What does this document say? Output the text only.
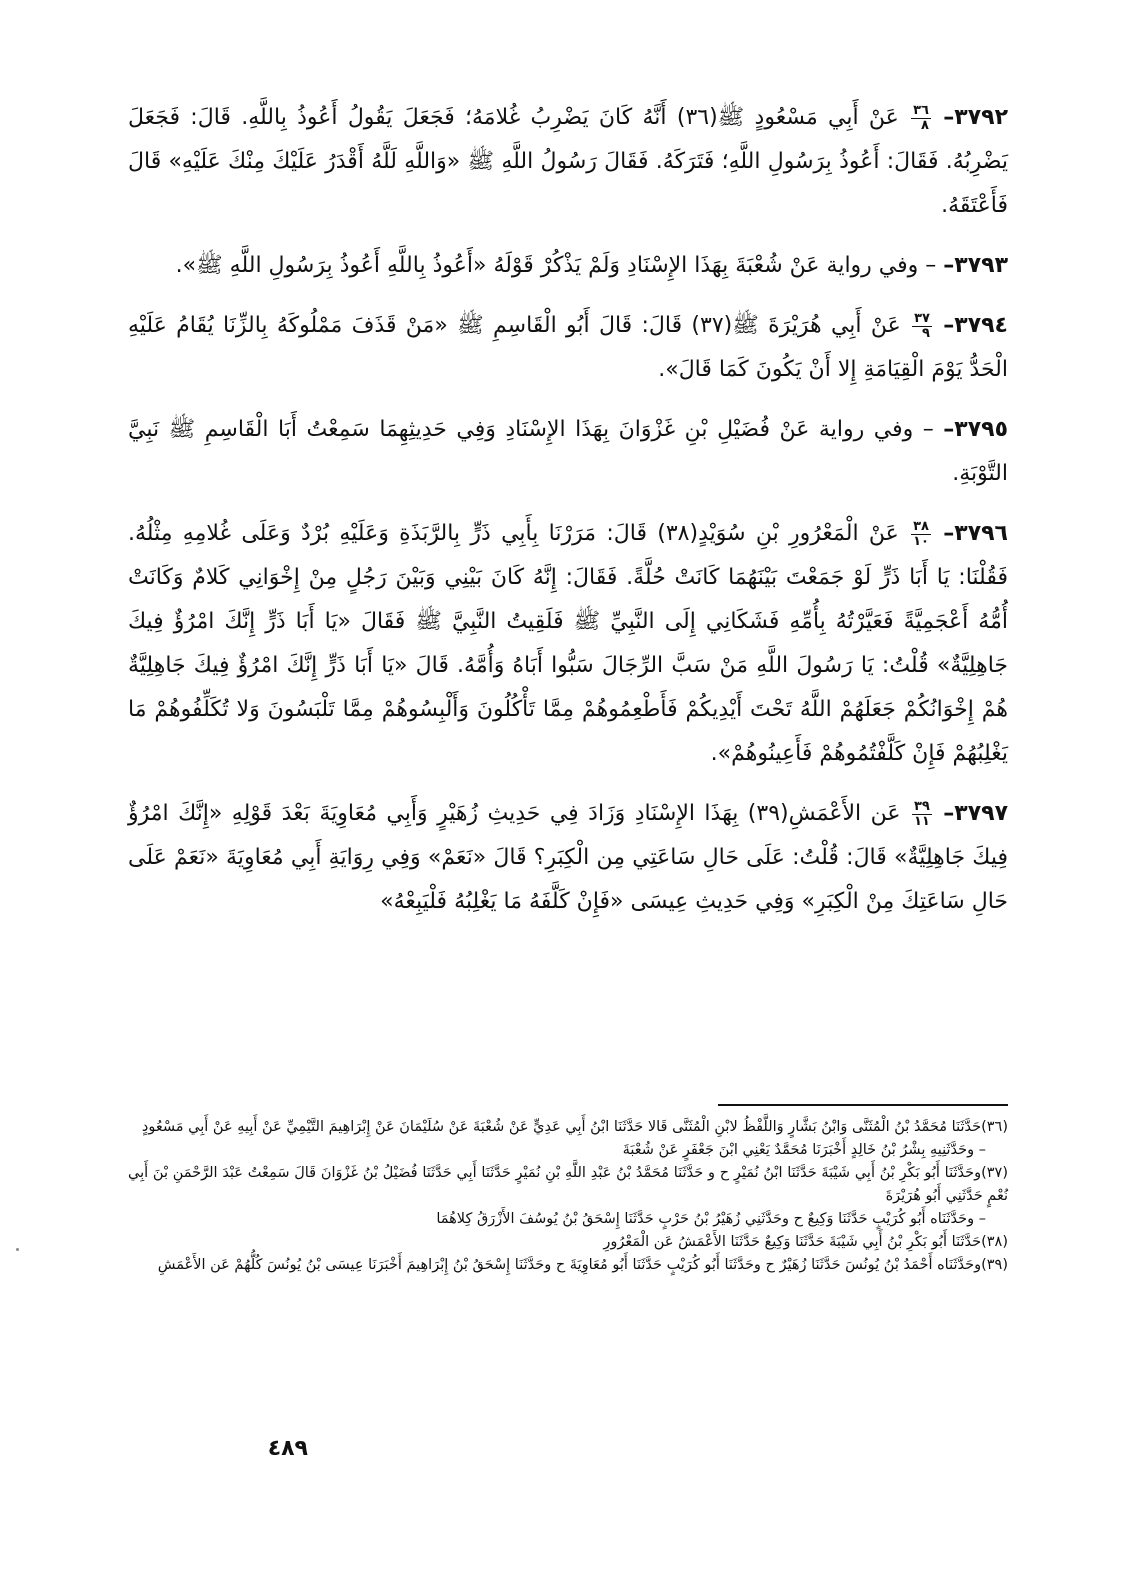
٣٧٩٢–
$\frac{٣٦}{٨}$
عَنْ أَبِي مَسْعُودٍ ﷺ(٣٦) أَنَّهُ كَانَ يَضْرِبُ غُلامَهُ؛ فَجَعَلَ يَقُولُ أَعُوذُ بِاللَّهِ. قَالَ: فَجَعَلَ يَضْرِبُهُ. فَقَالَ: أَعُوذُ بِرَسُولِ اللَّهِ؛ فَتَرَكَهُ. فَقَالَ رَسُولُ اللَّهِ ﷺ «وَاللَّهِ لَلَّهُ أَقْدَرُ عَلَيْكَ مِنْكَ عَلَيْهِ» قَالَ فَأَعْتَقَهُ.

٣٧٩٣– – وفي رواية عَنْ شُعْبَةَ بِهَذَا الإِسْنَادِ وَلَمْ يَذْكُرْ قَوْلَهُ «أَعُوذُ بِاللَّهِ أَعُوذُ بِرَسُولِ اللَّهِ ﷺ».

٣٧٩٤–
$\frac{٣٧}{٩}$
عَنْ أَبِي هُرَيْرَةَ ﷺ(٣٧) قَالَ: قَالَ أَبُو الْقَاسِمِ ﷺ «مَنْ قَذَفَ مَمْلُوكَهُ بِالزِّنَا يُقَامُ عَلَيْهِ الْحَدُّ يَوْمَ الْقِيَامَةِ إِلا أَنْ يَكُونَ كَمَا قَالَ».

٣٧٩٥– – وفي رواية عَنْ فُضَيْلِ بْنِ غَزْوَانَ بِهَذَا الإِسْنَادِ وَفِي حَدِيثِهِمَا سَمِعْتُ أَبَا الْقَاسِمِ ﷺ نَبِيَّ التَّوْبَةِ.

٣٧٩٦–
$\frac{٣٨}{١٠}$
عَنْ الْمَعْرُورِ بْنِ سُوَيْدٍ(٣٨) قَالَ: مَرَرْنَا بِأَبِي ذَرٍّ بِالرَّبَذَةِ وَعَلَيْهِ بُرْدٌ وَعَلَى غُلامِهِ مِثْلُهُ. فَقُلْنَا: يَا أَبَا ذَرٍّ لَوْ جَمَعْتَ بَيْنَهُمَا كَانَتْ حُلَّةً. فَقَالَ: إِنَّهُ كَانَ بَيْنِي وَبَيْنَ رَجُلٍ مِنْ إِخْوَانِي كَلامٌ وَكَانَتْ أُمُّهُ أَعْجَمِيَّةً فَعَيَّرْتُهُ بِأُمِّهِ فَشَكَانِي إِلَى النَّبِيِّ ﷺ فَلَقِيتُ النَّبِيَّ ﷺ فَقَالَ «يَا أَبَا ذَرٍّ إِنَّكَ امْرُؤٌ فِيكَ جَاهِلِيَّةٌ» قُلْتُ: يَا رَسُولَ اللَّهِ مَنْ سَبَّ الرِّجَالَ سَبُّوا أَبَاهُ وَأُمَّهُ. قَالَ «يَا أَبَا ذَرٍّ إِنَّكَ امْرُؤٌ فِيكَ جَاهِلِيَّةٌ هُمْ إِخْوَانُكُمْ جَعَلَهُمْ اللَّهُ تَحْتَ أَيْدِيكُمْ فَأَطْعِمُوهُمْ مِمَّا تَأْكُلُونَ وَأَلْبِسُوهُمْ مِمَّا تَلْبَسُونَ وَلا تُكَلِّفُوهُمْ مَا يَغْلِبُهُمْ فَإِنْ كَلَّفْتُمُوهُمْ فَأَعِينُوهُمْ».

٣٧٩٧–
$\frac{٣٩}{١١}$
عَن الأَعْمَشِ(٣٩) بِهَذَا الإِسْنَادِ وَزَادَ فِي حَدِيثِ زُهَيْرٍ وَأَبِي مُعَاوِيَةَ بَعْدَ قَوْلِهِ «إِنَّكَ امْرُؤٌ فِيكَ جَاهِلِيَّةٌ» قَالَ: قُلْتُ: عَلَى حَالِ سَاعَتِي مِن الْكِبَرِ؟ قَالَ «نَعَمْ» وَفِي رِوَايَةِ أَبِي مُعَاوِيَةَ «نَعَمْ عَلَى حَالِ سَاعَتِكَ مِنْ الْكِبَرِ» وَفِي حَدِيثِ عِيسَى «فَإِنْ كَلَّفَهُ مَا يَغْلِبُهُ فَلْيَبِعْهُ»

(٣٦)حَدَّثَنَا مُحَمَّدُ بْنُ الْمُثَنَّى وَابْنُ بَشَّارٍ وَاللَّفْظُ لابْنِ الْمُثَنَّى قَالا حَدَّثَنَا ابْنُ أَبِي عَدِيٍّ عَنْ شُعْبَةَ عَنْ سُلَيْمَانَ عَنْ إِبْرَاهِيمَ التَّيْمِيِّ عَنْ أَبِيهِ عَنْ أَبِي مَسْعُودٍ

– وحَدَّثَنِيهِ بِشْرُ بْنُ خَالِدٍ أَخْبَرَنَا مُحَمَّدٌ يَعْنِي ابْنَ جَعْفَرٍ عَنْ شُعْبَةَ

(٣٧)وحَدَّثَنَا أَبُو بَكْرِ بْنُ أَبِي شَيْبَةَ حَدَّثَنَا ابْنُ نُمَيْرٍ ح و حَدَّثَنَا مُحَمَّدُ بْنُ عَبْدِ اللَّهِ بْنِ نُمَيْرٍ حَدَّثَنَا أَبِي حَدَّثَنَا فُضَيْلُ بْنُ غَزْوَانَ قَالَ سَمِعْتُ عَبْدَ الرَّحْمَنِ بْنَ أَبِي نُعْمٍ حَدَّثَنِي أَبُو هُرَيْرَةَ

– وحَدَّثَنَاه أَبُو كُرَيْبٍ حَدَّثَنَا وَكِيعٌ ح وحَدَّثَنِي زُهَيْرُ بْنُ حَرْبٍ حَدَّثَنَا إِسْحَقُ بْنُ يُوسُفَ الأَزْرَقُ كِلاهُمَا

(٣٨)حَدَّثَنَا أَبُو بَكْرِ بْنُ أَبِي شَيْبَةَ حَدَّثَنَا وَكِيعٌ حَدَّثَنَا الأَعْمَشُ عَن الْمَعْرُورِ

(٣٩)وحَدَّثَنَاه أَحْمَدُ بْنُ يُونُسَ حَدَّثَنَا زُهَيْرٌ ح وحَدَّثَنَا أَبُو كُرَيْبٍ حَدَّثَنَا أَبُو مُعَاوِيَةَ ح وحَدَّثَنَا إِسْحَقُ بْنُ إِبْرَاهِيمَ أَخْبَرَنَا عِيسَى بْنُ يُونُسَ كُلُّهُمْ عَن الأَعْمَشِ

٤٨٩
